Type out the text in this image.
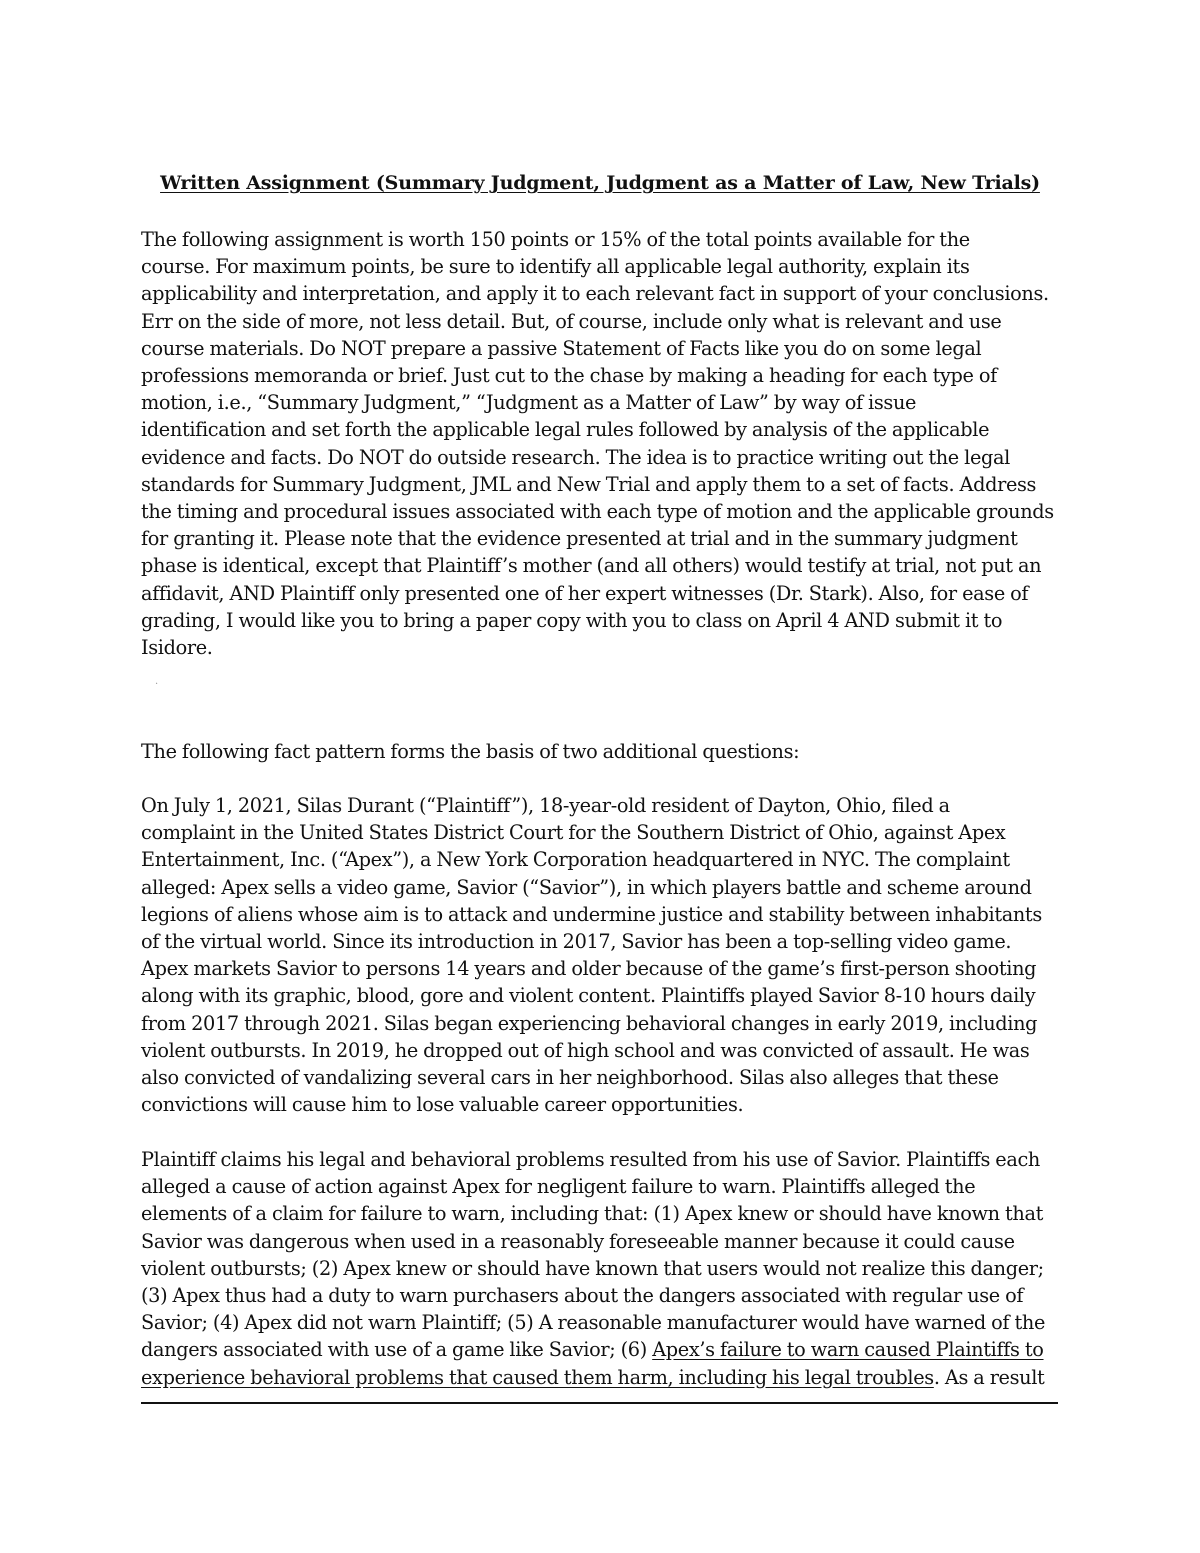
Written Assignment (Summary Judgment, Judgment as a Matter of Law, New Trials)
The following assignment is worth 150 points or 15% of the total points available for the
course. For maximum points, be sure to identify all applicable legal authority, explain its
applicability and interpretation, and apply it to each relevant fact in support of your conclusions.
Err on the side of more, not less detail. But, of course, include only what is relevant and use
course materials. Do NOT prepare a passive Statement of Facts like you do on some legal
professions memoranda or brief. Just cut to the chase by making a heading for each type of
motion, i.e., “Summary Judgment,” “Judgment as a Matter of Law” by way of issue
identification and set forth the applicable legal rules followed by analysis of the applicable
evidence and facts. Do NOT do outside research. The idea is to practice writing out the legal
standards for Summary Judgment, JML and New Trial and apply them to a set of facts. Address
the timing and procedural issues associated with each type of motion and the applicable grounds
for granting it. Please note that the evidence presented at trial and in the summary judgment
phase is identical, except that Plaintiff’s mother (and all others) would testify at trial, not put an
affidavit, AND Plaintiff only presented one of her expert witnesses (Dr. Stark). Also, for ease of
grading, I would like you to bring a paper copy with you to class on April 4 AND submit it to
Isidore.
.
The following fact pattern forms the basis of two additional questions:
On July 1, 2021, Silas Durant (“Plaintiff”), 18-year-old resident of Dayton, Ohio, filed a
complaint in the United States District Court for the Southern District of Ohio, against Apex
Entertainment, Inc. (“Apex”), a New York Corporation headquartered in NYC. The complaint
alleged: Apex sells a video game, Savior (“Savior”), in which players battle and scheme around
legions of aliens whose aim is to attack and undermine justice and stability between inhabitants
of the virtual world. Since its introduction in 2017, Savior has been a top-selling video game.
Apex markets Savior to persons 14 years and older because of the game’s first-person shooting
along with its graphic, blood, gore and violent content. Plaintiffs played Savior 8-10 hours daily
from 2017 through 2021. Silas began experiencing behavioral changes in early 2019, including
violent outbursts. In 2019, he dropped out of high school and was convicted of assault. He was
also convicted of vandalizing several cars in her neighborhood. Silas also alleges that these
convictions will cause him to lose valuable career opportunities.
Plaintiff claims his legal and behavioral problems resulted from his use of Savior. Plaintiffs each
alleged a cause of action against Apex for negligent failure to warn. Plaintiffs alleged the
elements of a claim for failure to warn, including that: (1) Apex knew or should have known that
Savior was dangerous when used in a reasonably foreseeable manner because it could cause
violent outbursts; (2) Apex knew or should have known that users would not realize this danger;
(3) Apex thus had a duty to warn purchasers about the dangers associated with regular use of
Savior; (4) Apex did not warn Plaintiff; (5) A reasonable manufacturer would have warned of the
dangers associated with use of a game like Savior; (6) Apex’s failure to warn caused Plaintiffs to
experience behavioral problems that caused them harm, including his legal troubles. As a result
